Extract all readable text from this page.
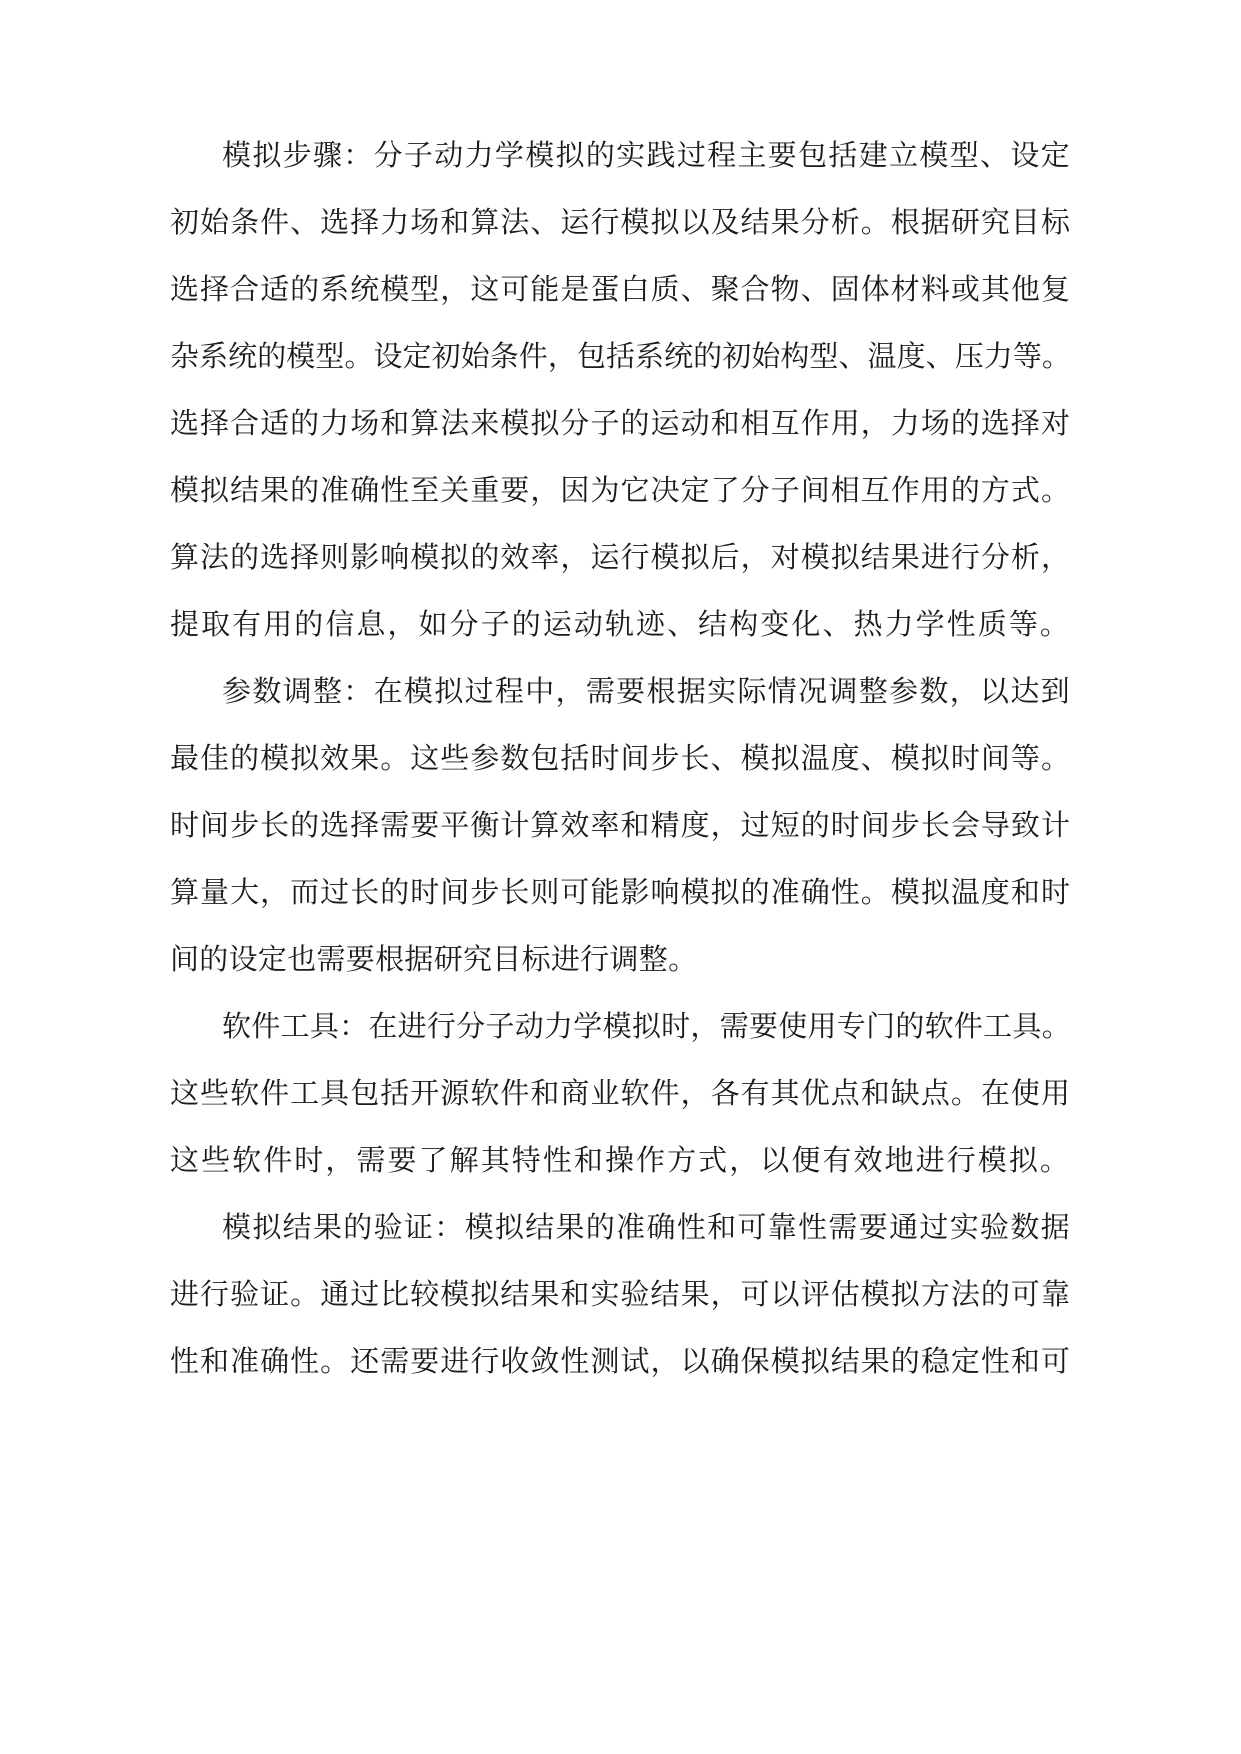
模拟步骤：分子动力学模拟的实践过程主要包括建立模型、设定
初始条件、选择力场和算法、运行模拟以及结果分析。根据研究目标
选择合适的系统模型，这可能是蛋白质、聚合物、固体材料或其他复
杂系统的模型。设定初始条件，包括系统的初始构型、温度、压力等。
选择合适的力场和算法来模拟分子的运动和相互作用，力场的选择对
模拟结果的准确性至关重要，因为它决定了分子间相互作用的方式。
算法的选择则影响模拟的效率，运行模拟后，对模拟结果进行分析，
提取有用的信息，如分子的运动轨迹、结构变化、热力学性质等。
参数调整：在模拟过程中，需要根据实际情况调整参数，以达到
最佳的模拟效果。这些参数包括时间步长、模拟温度、模拟时间等。
时间步长的选择需要平衡计算效率和精度，过短的时间步长会导致计
算量大，而过长的时间步长则可能影响模拟的准确性。模拟温度和时
间的设定也需要根据研究目标进行调整。
软件工具：在进行分子动力学模拟时，需要使用专门的软件工具。
这些软件工具包括开源软件和商业软件，各有其优点和缺点。在使用
这些软件时，需要了解其特性和操作方式，以便有效地进行模拟。
模拟结果的验证：模拟结果的准确性和可靠性需要通过实验数据
进行验证。通过比较模拟结果和实验结果，可以评估模拟方法的可靠
性和准确性。还需要进行收敛性测试，以确保模拟结果的稳定性和可
